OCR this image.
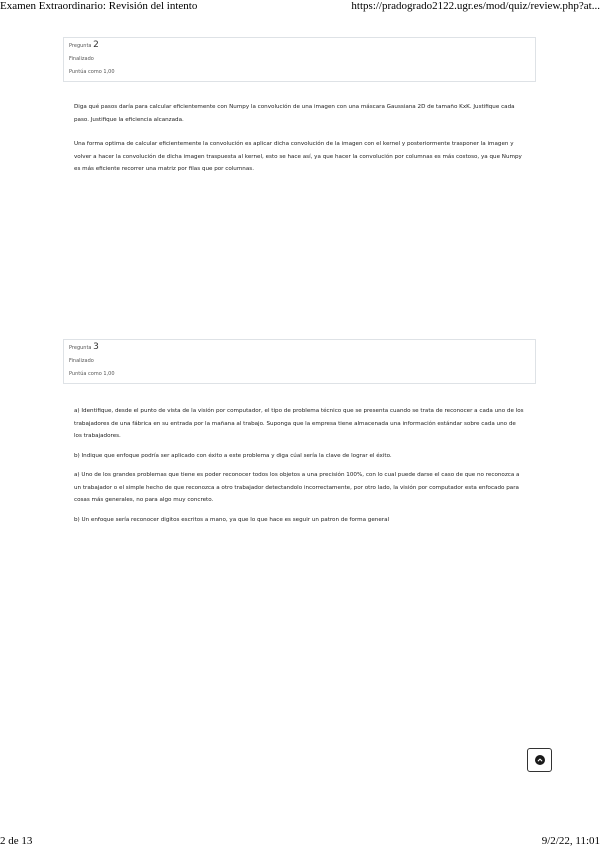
Examen Extraordinario: Revisión del intento	https://pradogrado2122.ugr.es/mod/quiz/review.php?at...
Pregunta 2
Finalizado
Puntúa como 1,00

Diga qué pasos daría para calcular eficientemente con Numpy la convolución de una imagen con una máscara Gaussiana 2D de tamaño KxK. Justifique cada paso. Justifique la eficiencia alcanzada.

Una forma optima de calcular eficientemente la convolución es aplicar dicha convolución de la imagen con el kernel y posteriormente trasponer la imagen y volver a hacer la convolución de dicha imagen traspuesta al kernel, esto se hace así, ya que hacer la convolución por columnas es más costoso, ya que Numpy es más eficiente recorrer una matriz por filas que por columnas.

Pregunta 3
Finalizado
Puntúa como 1,00

a) Identifique, desde el punto de vista de la visión por computador, el tipo de problema técnico que se presenta cuando se trata de reconocer a cada uno de los trabajadores de una fábrica en su entrada por la mañana al trabajo. Suponga que la empresa tiene almacenada una información estándar sobre cada uno de los trabajadores.

b) Indique que enfoque podría ser aplicado con éxito a este problema y diga cúal sería la clave de lograr el éxito.

a) Uno de los grandes problemas que tiene es poder reconocer todos los objetos a una precisión 100%, con lo cual puede darse el caso de que no reconozca a un trabajador o el simple hecho de que reconozca a otro trabajador detectandolo incorrectamente, por otro lado, la visión por computador esta enfocado para cosas más generales, no para algo muy concreto.

b) Un enfoque sería reconocer digitos escritos a mano, ya que lo que hace es seguir un patron de forma general

2 de 13	9/2/22, 11:01
